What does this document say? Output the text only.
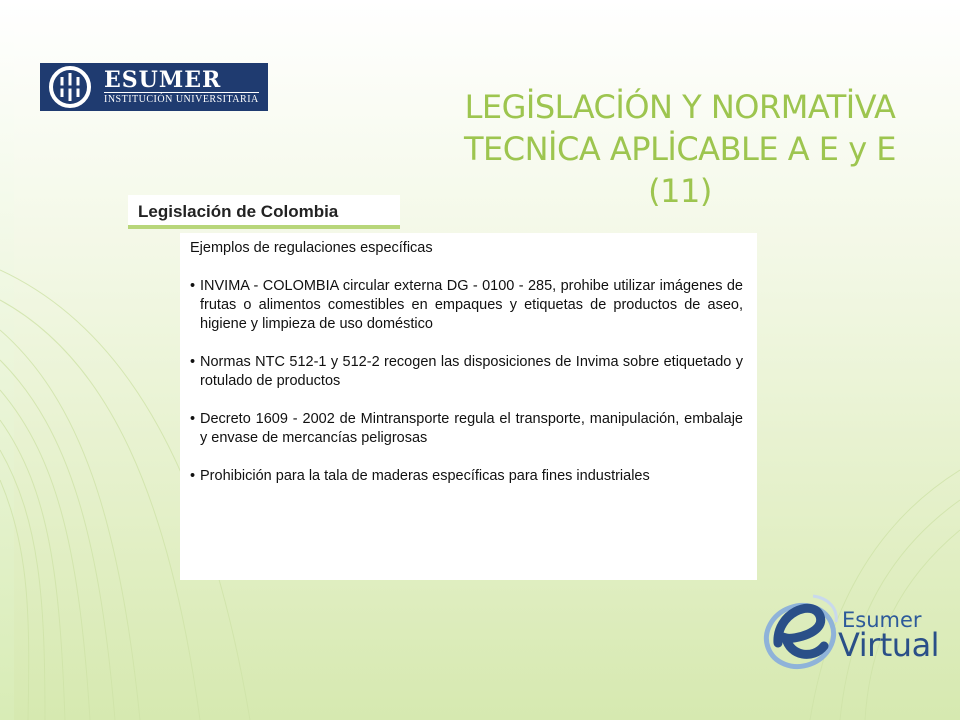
ESUMER
INSTITUCIÓN UNIVERSITARIA	LEGİSLACİÓN Y NORMATİVA
TECNİCA APLİCABLE A E y E (11)
Legislación de Colombia

Ejemplos de regulaciones específicas

• INVIMA - COLOMBIA circular externa DG - 0100 - 285, prohibe utilizar imágenes de frutas o alimentos comestibles en empaques y etiquetas de productos de aseo, higiene y limpieza de uso doméstico

• Normas NTC 512-1 y 512-2 recogen las disposiciones de Invima sobre etiquetado y rotulado de productos

• Decreto 1609 - 2002 de Mintransporte regula el transporte, manipulación, embalaje y envase de mercancías peligrosas

• Prohibición para la tala de maderas específicas para fines industriales

Esumer
Virtual
